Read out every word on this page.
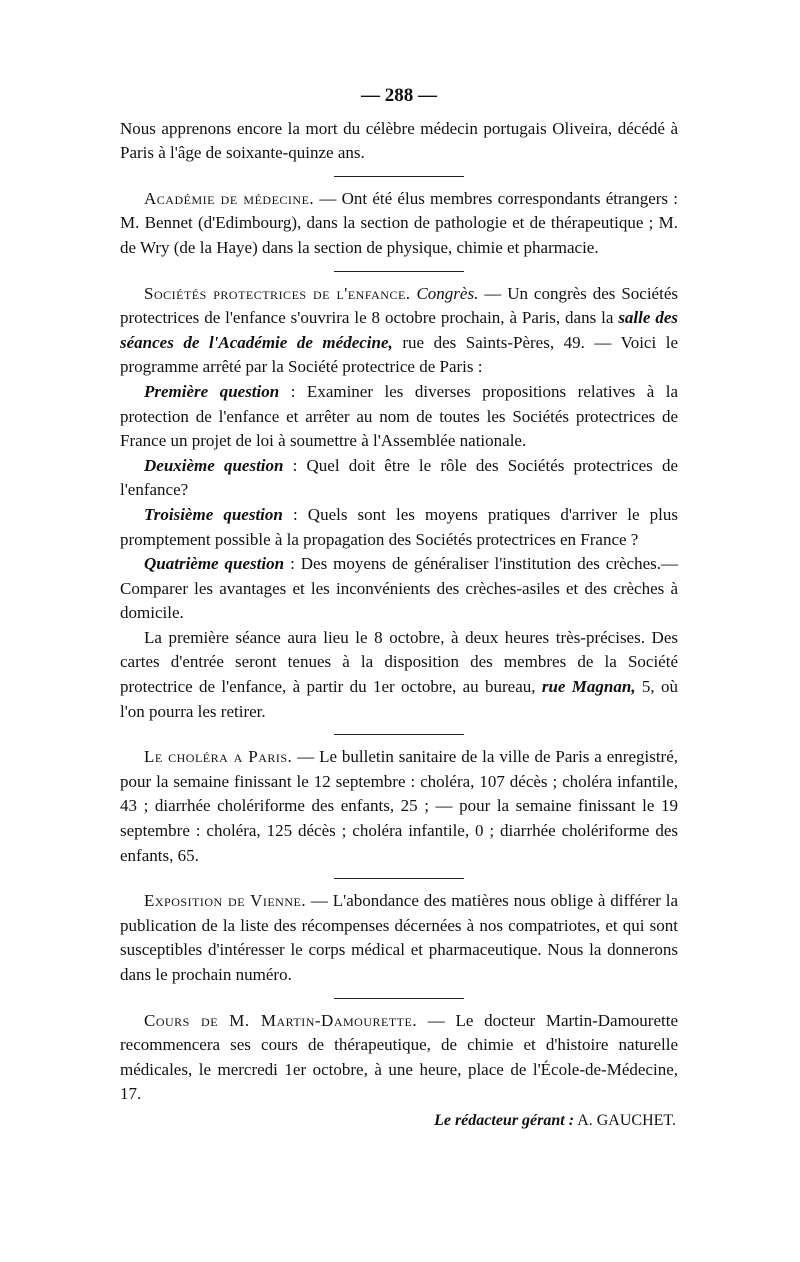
— 288 —

Nous apprenons encore la mort du célèbre médecin portugais Oliveira, décédé à Paris à l'âge de soixante-quinze ans.

Académie de médecine. — Ont été élus membres correspondants étrangers : M. Bennet (d'Edimbourg), dans la section de pathologie et de thérapeutique ; M. de Wry (de la Haye) dans la section de physique, chimie et pharmacie.

Sociétés protectrices de l'enfance. Congrès. — Un congrès des Sociétés protectrices de l'enfance s'ouvrira le 8 octobre prochain, à Paris, dans la salle des séances de l'Académie de médecine, rue des Saints-Pères, 49. — Voici le programme arrêté par la Société protectrice de Paris :

Première question : Examiner les diverses propositions relatives à la protection de l'enfance et arrêter au nom de toutes les Sociétés protectrices de France un projet de loi à soumettre à l'Assemblée nationale.

Deuxième question : Quel doit être le rôle des Sociétés protectrices de l'enfance?

Troisième question : Quels sont les moyens pratiques d'arriver le plus promptement possible à la propagation des Sociétés protectrices en France ?

Quatrième question : Des moyens de généraliser l'institution des crèches.—Comparer les avantages et les inconvénients des crèches-asiles et des crèches à domicile.

La première séance aura lieu le 8 octobre, à deux heures très-précises. Des cartes d'entrée seront tenues à la disposition des membres de la Société protectrice de l'enfance, à partir du 1er octobre, au bureau, rue Magnan, 5, où l'on pourra les retirer.

Le choléra a Paris. — Le bulletin sanitaire de la ville de Paris a enregistré, pour la semaine finissant le 12 septembre : choléra, 107 décès ; choléra infantile, 43 ; diarrhée cholériforme des enfants, 25 ; — pour la semaine finissant le 19 septembre : choléra, 125 décès ; choléra infantile, 0 ; diarrhée cholériforme des enfants, 65.

Exposition de Vienne. — L'abondance des matières nous oblige à différer la publication de la liste des récompenses décernées à nos compatriotes, et qui sont susceptibles d'intéresser le corps médical et pharmaceutique. Nous la donnerons dans le prochain numéro.

Cours de M. Martin-Damourette. — Le docteur Martin-Damourette recommencera ses cours de thérapeutique, de chimie et d'histoire naturelle médicales, le mercredi 1er octobre, à une heure, place de l'École-de-Médecine, 17.

Le rédacteur gérant : A. GAUCHET.
